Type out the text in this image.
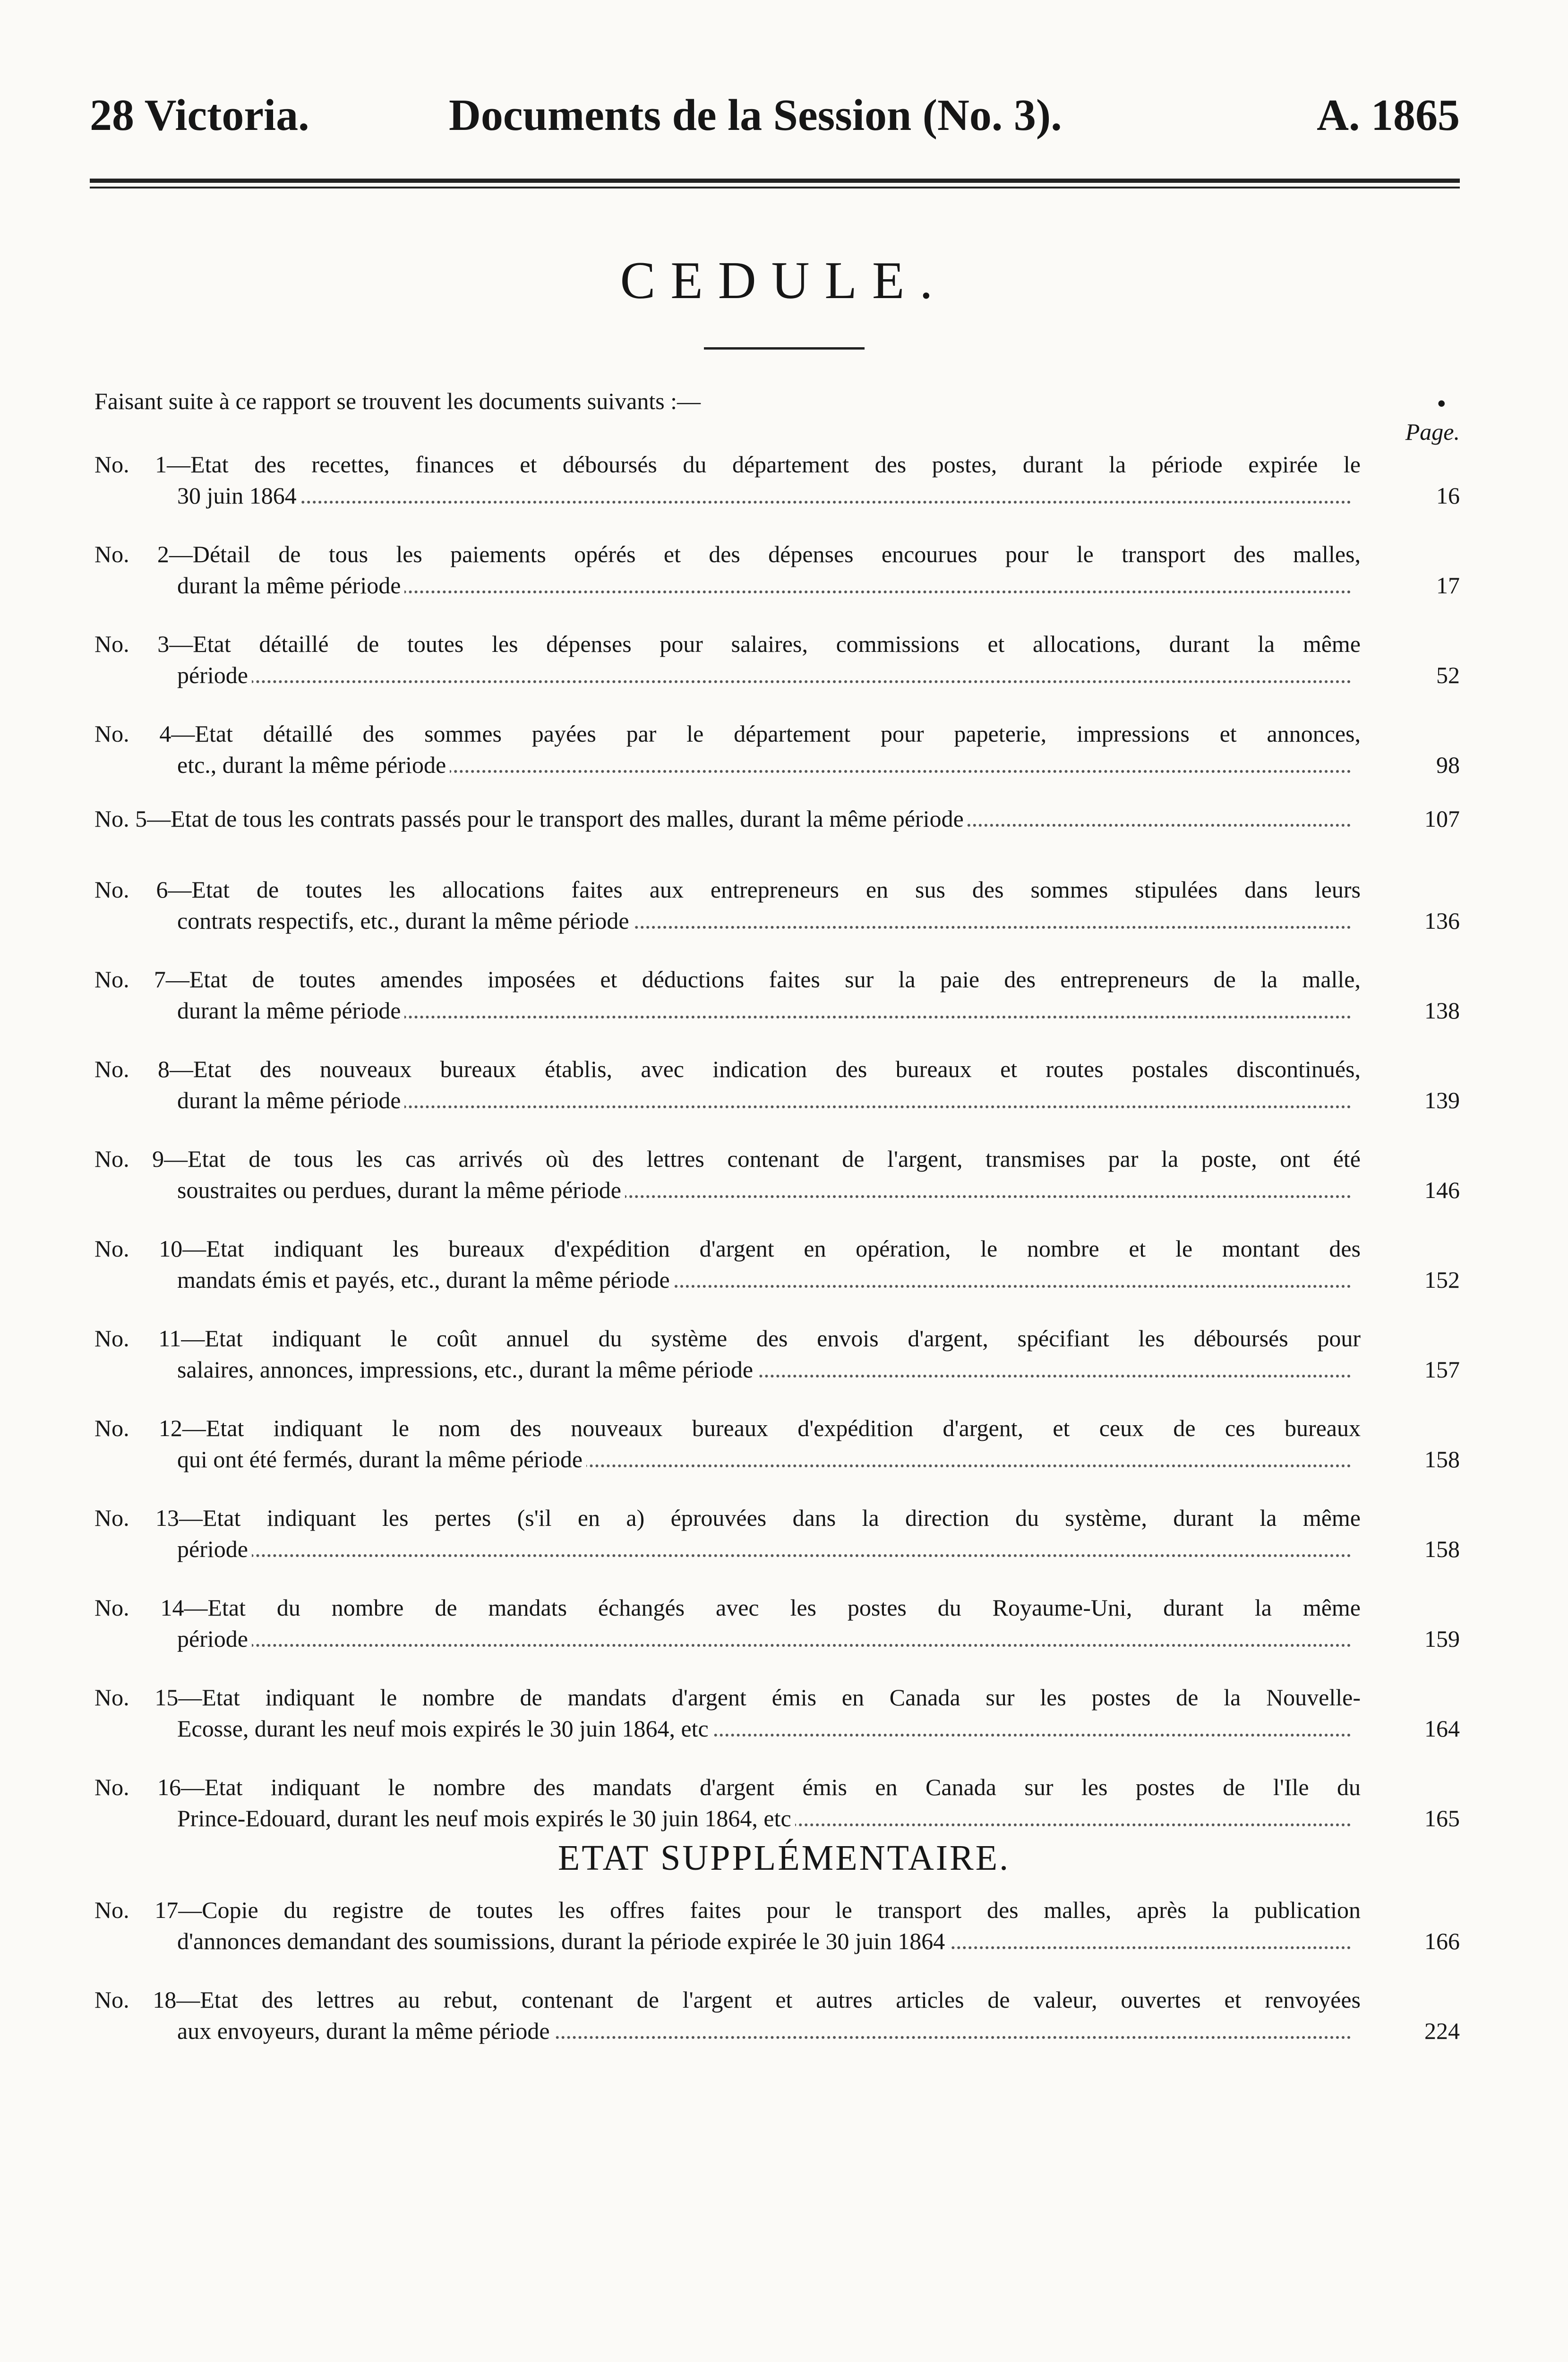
28 Victoria.	Documents de la Session (No. 3).	A. 1865
CEDULE.
Faisant suite à ce rapport se trouvent les documents suivants :—	•
Page.
No. 1—Etat des recettes, finances et déboursés du département des postes, durant la période expirée le
30 juin 1864	16
No. 2—Détail de tous les paiements opérés et des dépenses encourues pour le transport des malles,
durant la même période	17
No. 3—Etat détaillé de toutes les dépenses pour salaires, commissions et allocations, durant la même
période	52
No. 4—Etat détaillé des sommes payées par le département pour papeterie, impressions et annonces,
etc., durant la même période	98
No. 5—Etat de tous les contrats passés pour le transport des malles, durant la même période	107
No. 6—Etat de toutes les allocations faites aux entrepreneurs en sus des sommes stipulées dans leurs
contrats respectifs, etc., durant la même période	136
No. 7—Etat de toutes amendes imposées et déductions faites sur la paie des entrepreneurs de la malle,
durant la même période	138
No. 8—Etat des nouveaux bureaux établis, avec indication des bureaux et routes postales discontinués,
durant la même période	139
No. 9—Etat de tous les cas arrivés où des lettres contenant de l'argent, transmises par la poste, ont été
soustraites ou perdues, durant la même période	146
No. 10—Etat indiquant les bureaux d'expédition d'argent en opération, le nombre et le montant des
mandats émis et payés, etc., durant la même période	152
No. 11—Etat indiquant le coût annuel du système des envois d'argent, spécifiant les déboursés pour
salaires, annonces, impressions, etc., durant la même période	157
No. 12—Etat indiquant le nom des nouveaux bureaux d'expédition d'argent, et ceux de ces bureaux
qui ont été fermés, durant la même période	158
No. 13—Etat indiquant les pertes (s'il en a) éprouvées dans la direction du système, durant la même
période	158
No. 14—Etat du nombre de mandats échangés avec les postes du Royaume-Uni, durant la même
période	159
No. 15—Etat indiquant le nombre de mandats d'argent émis en Canada sur les postes de la Nouvelle-
Ecosse, durant les neuf mois expirés le 30 juin 1864, etc	164
No. 16—Etat indiquant le nombre des mandats d'argent émis en Canada sur les postes de l'Ile du
Prince-Edouard, durant les neuf mois expirés le 30 juin 1864, etc	165
ETAT SUPPLÉMENTAIRE.
No. 17—Copie du registre de toutes les offres faites pour le transport des malles, après la publication
d'annonces demandant des soumissions, durant la période expirée le 30 juin 1864	166
No. 18—Etat des lettres au rebut, contenant de l'argent et autres articles de valeur, ouvertes et renvoyées
aux envoyeurs, durant la même période	224
